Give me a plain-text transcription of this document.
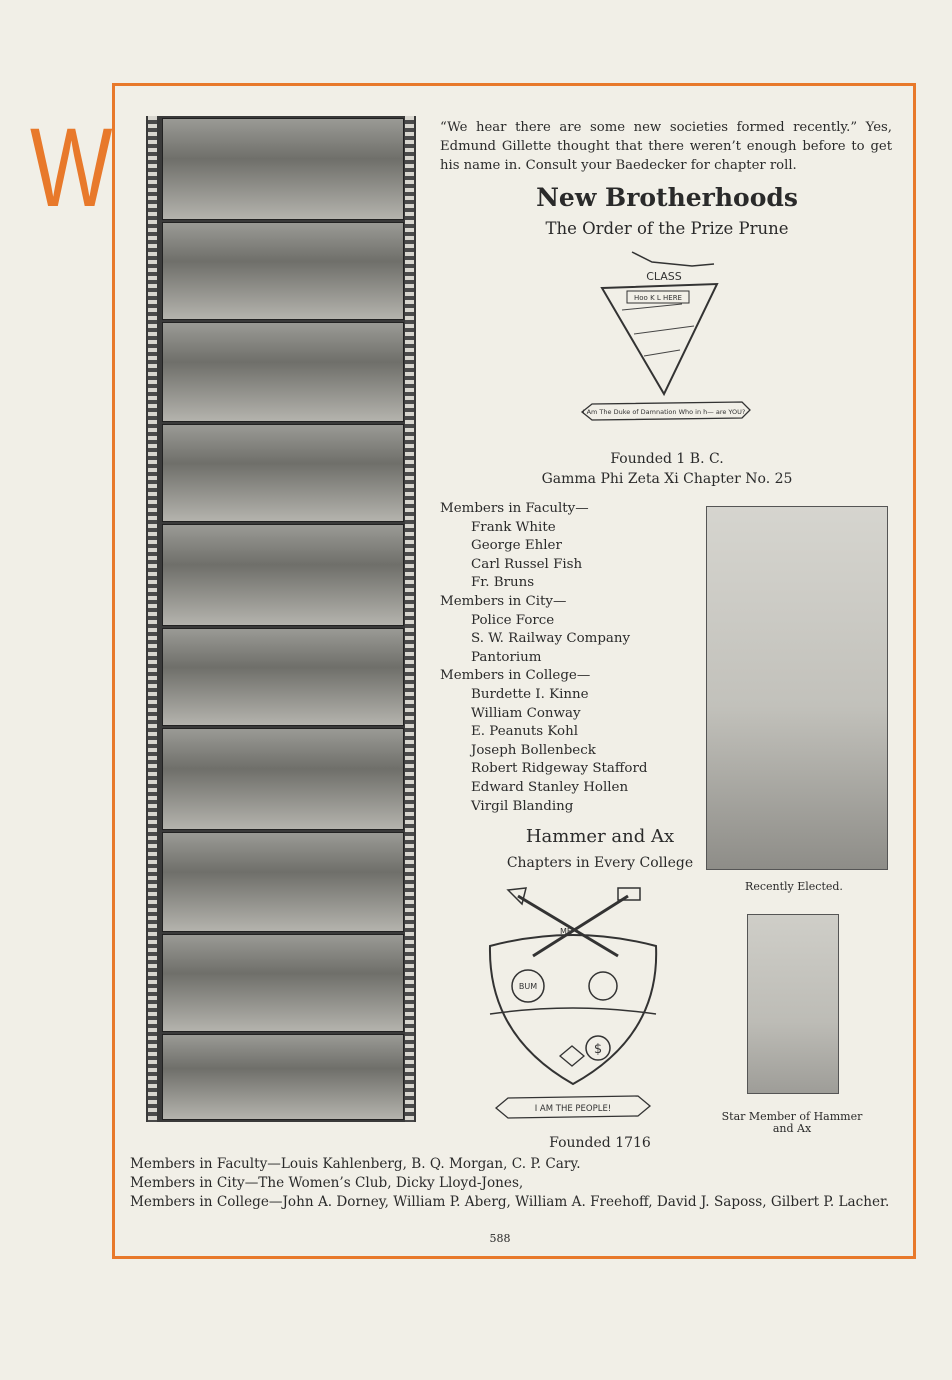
W	“We hear there are some new societies formed recently.” Yes, Edmund Gillette thought that there weren’t enough before to get his name in. Consult your Baedecker for chapter roll.
New Brotherhoods
The Order of the Prize Prune
CLASS
Hoo K L HERE
I Am The Duke of Damnation Who in h— are YOU?
Founded 1 B. C.
Gamma Phi Zeta Xi Chapter No. 25
Members in Faculty—
Frank White
George Ehler
Carl Russel Fish
Fr. Bruns
Members in City—
Police Force
S. W. Railway Company
Pantorium
Members in College—
Burdette I. Kinne
William Conway
E. Peanuts Kohl
Joseph Bollenbeck
Robert Ridgeway Stafford
Edward Stanley Hollen
Virgil Blanding
Hammer and Ax
Chapters in Every College
ME
BUM
$
I AM THE PEOPLE!
Recently Elected.
Star Member of Hammer and Ax
Founded 1716
Members in Faculty—Louis Kahlenberg, B. Q. Morgan, C. P. Cary.
Members in City—The Women’s Club, Dicky Lloyd-Jones,
Members in College—John A. Dorney, William P. Aberg, William A. Freehoff, David J. Saposs, Gilbert P. Lacher.
588
